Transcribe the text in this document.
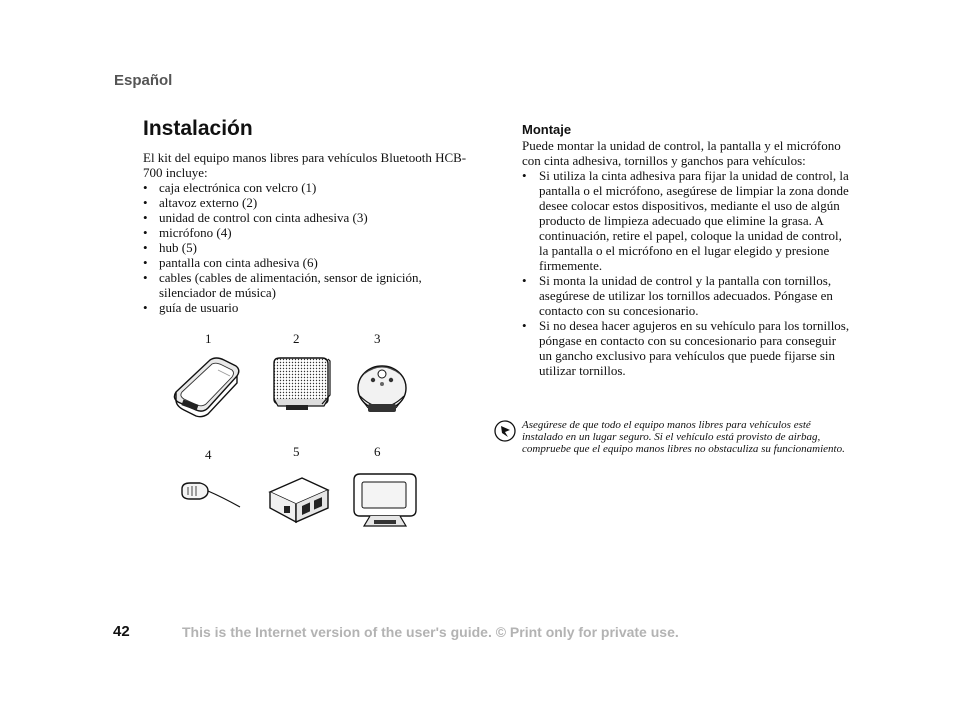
Español
Instalación

El kit del equipo manos libres para vehículos Bluetooth HCB-700 incluye:

• caja electrónica con velcro (1)
• altavoz externo (2)
• unidad de control con cinta adhesiva (3)
• micrófono (4)
• hub (5)
• pantalla con cinta adhesiva (6)
• cables (cables de alimentación, sensor de ignición, silenciador de música)
• guía de usuario
1	2	3
4	5	6
Montaje

Puede montar la unidad de control, la pantalla y el micrófono con cinta adhesiva, tornillos y ganchos para vehículos:

• Si utiliza la cinta adhesiva para fijar la unidad de control, la pantalla o el micrófono, asegúrese de limpiar la zona donde desee colocar estos dispositivos, mediante el uso de algún producto de limpieza adecuado que elimine la grasa. A continuación, retire el papel, coloque la unidad de control, la pantalla o el micrófono en el lugar elegido y presione firmemente.
• Si monta la unidad de control y la pantalla con tornillos, asegúrese de utilizar los tornillos adecuados. Póngase en contacto con su concesionario.
• Si no desea hacer agujeros en su vehículo para los tornillos, póngase en contacto con su concesionario para conseguir un gancho exclusivo para vehículos que puede fijarse sin utilizar tornillos.

Asegúrese de que todo el equipo manos libres para vehículos esté instalado en un lugar seguro. Si el vehículo está provisto de airbag, compruebe que el equipo manos libres no obstaculiza su funcionamiento.

42	This is the Internet version of the user's guide. © Print only for private use.
